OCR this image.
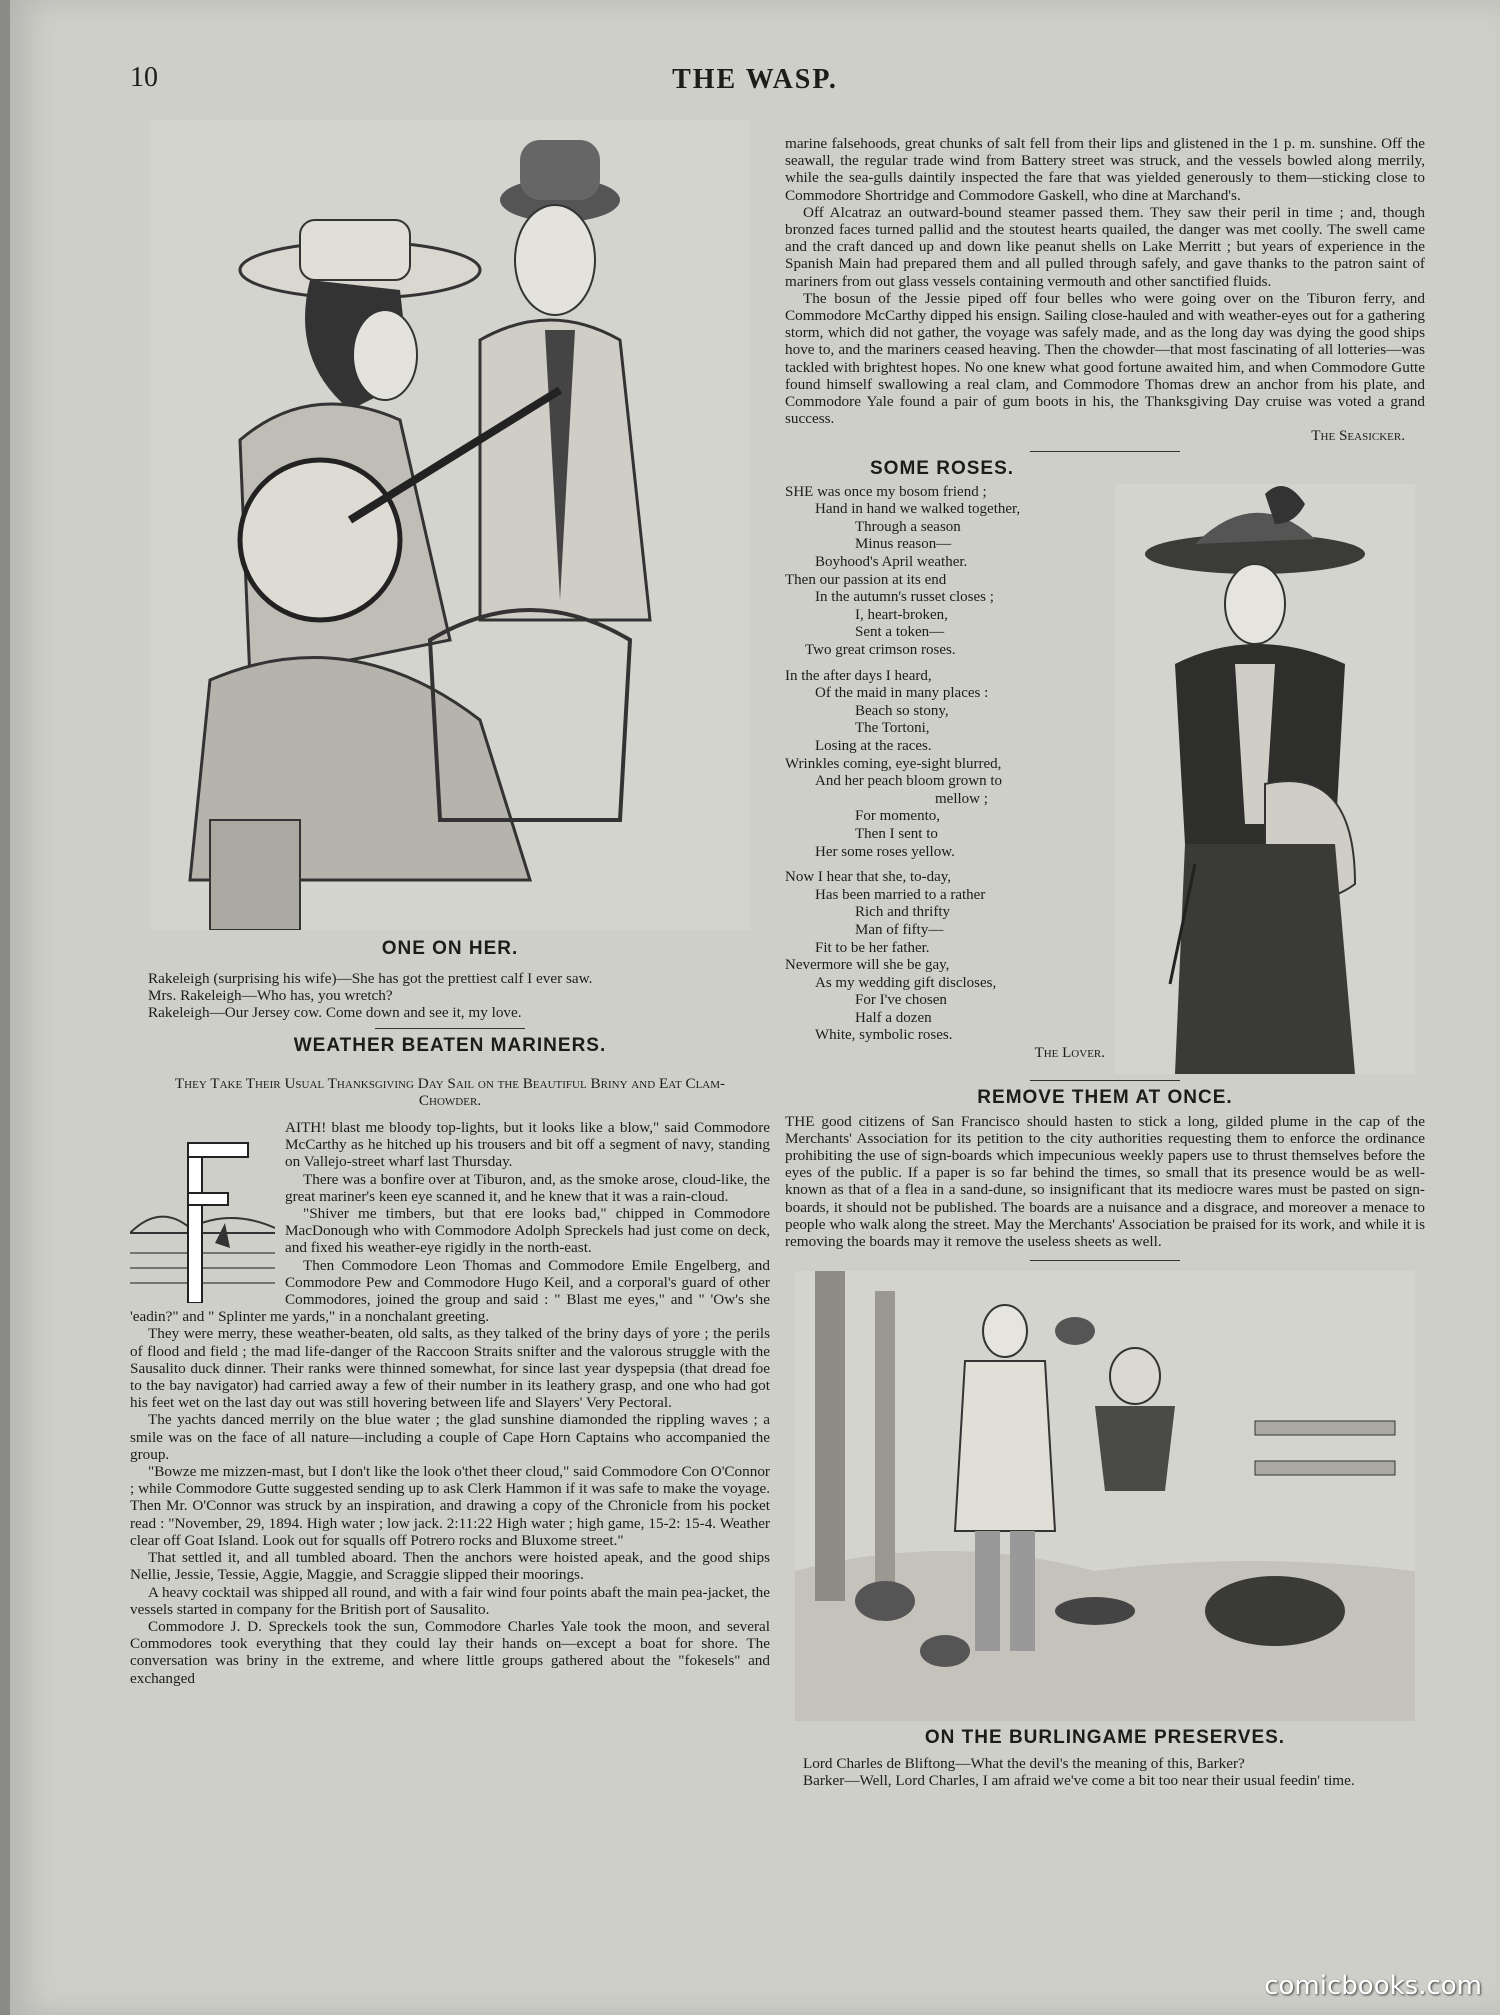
10	THE WASP.
ONE ON HER.

Rakeleigh (surprising his wife)—She has got the prettiest calf I ever saw.

Mrs. Rakeleigh—Who has, you wretch?

Rakeleigh—Our Jersey cow. Come down and see it, my love.

WEATHER BEATEN MARINERS.

They Take Their Usual Thanksgiving Day Sail on the Beautiful Briny and Eat Clam-Chowder.

AITH! blast me bloody top-lights, but it looks like a blow," said Commodore McCarthy as he hitched up his trousers and bit off a segment of navy, standing on Vallejo-street wharf last Thursday.

There was a bonfire over at Tiburon, and, as the smoke arose, cloud-like, the great mariner's keen eye scanned it, and he knew that it was a rain-cloud.

"Shiver me timbers, but that ere looks bad," chipped in Commodore MacDonough who with Commodore Adolph Spreckels had just come on deck, and fixed his weather-eye rigidly in the north-east.

Then Commodore Leon Thomas and Commodore Emile Engelberg, and Commodore Pew and Commodore Hugo Keil, and a corporal's guard of other Commodores, joined the group and said : " Blast me eyes," and " 'Ow's she 'eadin?" and " Splinter me yards," in a nonchalant greeting.

They were merry, these weather-beaten, old salts, as they talked of the briny days of yore ; the perils of flood and field ; the mad life-danger of the Raccoon Straits snifter and the valorous struggle with the Sausalito duck dinner. Their ranks were thinned somewhat, for since last year dyspepsia (that dread foe to the bay navigator) had carried away a few of their number in its leathery grasp, and one who had got his feet wet on the last day out was still hovering between life and Slayers' Very Pectoral.

The yachts danced merrily on the blue water ; the glad sunshine diamonded the rippling waves ; a smile was on the face of all nature—including a couple of Cape Horn Captains who accompanied the group.

"Bowze me mizzen-mast, but I don't like the look o'thet theer cloud," said Commodore Con O'Connor ; while Commodore Gutte suggested sending up to ask Clerk Hammon if it was safe to make the voyage. Then Mr. O'Connor was struck by an inspiration, and drawing a copy of the Chronicle from his pocket read : "November, 29, 1894. High water ; low jack. 2:11:22 High water ; high game, 15-2: 15-4. Weather clear off Goat Island. Look out for squalls off Potrero rocks and Bluxome street."

That settled it, and all tumbled aboard. Then the anchors were hoisted apeak, and the good ships Nellie, Jessie, Tessie, Aggie, Maggie, and Scraggie slipped their moorings.

A heavy cocktail was shipped all round, and with a fair wind four points abaft the main pea-jacket, the vessels started in company for the British port of Sausalito.

Commodore J. D. Spreckels took the sun, Commodore Charles Yale took the moon, and several Commodores took everything that they could lay their hands on—except a boat for shore. The conversation was briny in the extreme, and where little groups gathered about the "fokesels" and exchanged

marine falsehoods, great chunks of salt fell from their lips and glistened in the 1 p. m. sunshine. Off the seawall, the regular trade wind from Battery street was struck, and the vessels bowled along merrily, while the sea-gulls daintily inspected the fare that was yielded generously to them—sticking close to Commodore Shortridge and Commodore Gaskell, who dine at Marchand's.

Off Alcatraz an outward-bound steamer passed them. They saw their peril in time ; and, though bronzed faces turned pallid and the stoutest hearts quailed, the danger was met coolly. The swell came and the craft danced up and down like peanut shells on Lake Merritt ; but years of experience in the Spanish Main had prepared them and all pulled through safely, and gave thanks to the patron saint of mariners from out glass vessels containing vermouth and other sanctified fluids.

The bosun of the Jessie piped off four belles who were going over on the Tiburon ferry, and Commodore McCarthy dipped his ensign. Sailing close-hauled and with weather-eyes out for a gathering storm, which did not gather, the voyage was safely made, and as the long day was dying the good ships hove to, and the mariners ceased heaving. Then the chowder—that most fascinating of all lotteries—was tackled with brightest hopes. No one knew what good fortune awaited him, and when Commodore Gutte found himself swallowing a real clam, and Commodore Thomas drew an anchor from his plate, and Commodore Yale found a pair of gum boots in his, the Thanksgiving Day cruise was voted a grand success.

The Seasicker.

SOME ROSES.
SHE was once my bosom friend ;
Hand in hand we walked together,
Through a season
Minus reason—
Boyhood's April weather.
Then our passion at its end
In the autumn's russet closes ;
I, heart-broken,
Sent a token—
Two great crimson roses.
In the after days I heard,
Of the maid in many places :
Beach so stony,
The Tortoni,
Losing at the races.
Wrinkles coming, eye-sight blurred,
And her peach bloom grown to
mellow ;
For momento,
Then I sent to
Her some roses yellow.
Now I hear that she, to-day,
Has been married to a rather
Rich and thrifty
Man of fifty—
Fit to be her father.
Nevermore will she be gay,
As my wedding gift discloses,
For I've chosen
Half a dozen
White, symbolic roses.
The Lover.
REMOVE THEM AT ONCE.

THE good citizens of San Francisco should hasten to stick a long, gilded plume in the cap of the Merchants' Association for its petition to the city authorities requesting them to enforce the ordinance prohibiting the use of sign-boards which impecunious weekly papers use to thrust themselves before the eyes of the public. If a paper is so far behind the times, so small that its presence would be as well-known as that of a flea in a sand-dune, so insignificant that its mediocre wares must be pasted on sign-boards, it should not be published. The boards are a nuisance and a disgrace, and moreover a menace to people who walk along the street. May the Merchants' Association be praised for its work, and while it is removing the boards may it remove the useless sheets as well.

ON THE BURLINGAME PRESERVES.

Lord Charles de Bliftong—What the devil's the meaning of this, Barker?

Barker—Well, Lord Charles, I am afraid we've come a bit too near their usual feedin' time.

comicbooks.com
